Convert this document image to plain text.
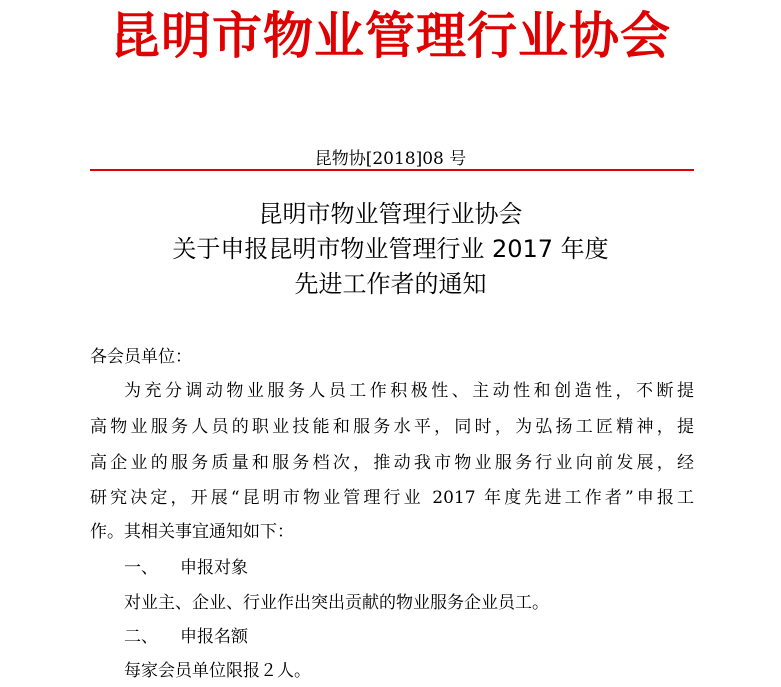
昆明市物业管理行业协会
昆物协[2018]08 号
昆明市物业管理行业协会
关于申报昆明市物业管理行业 2017 年度
先进工作者的通知
各会员单位：
为充分调动物业服务人员工作积极性、主动性和创造性，不断提
高物业服务人员的职业技能和服务水平，同时，为弘扬工匠精神，提
高企业的服务质量和服务档次，推动我市物业服务行业向前发展，经
研究决定，开展“昆明市物业管理行业 2017 年度先进工作者”申报工
作。其相关事宜通知如下：
一、 申报对象
对业主、企业、行业作出突出贡献的物业服务企业员工。
二、 申报名额
每家会员单位限报２人。
